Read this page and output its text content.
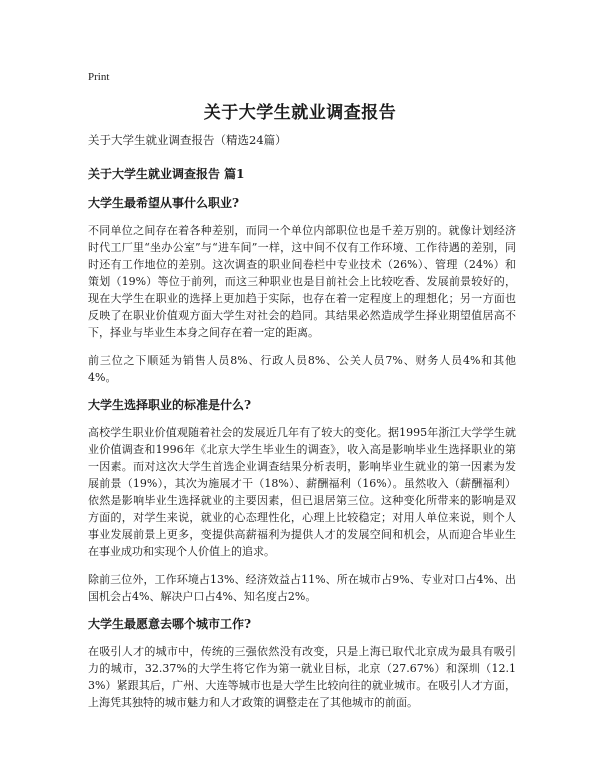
Print
关于大学生就业调查报告

关于大学生就业调查报告（精选24篇）

关于大学生就业调查报告 篇1
大学生最希望从事什么职业?

不同单位之间存在着各种差别，而同一个单位内部职位也是千差万别的。就像计划经济时代工厂里“坐办公室”与“进车间”一样，这中间不仅有工作环境、工作待遇的差别，同时还有工作地位的差别。这次调查的职业间卷栏中专业技术（26%）、管理（24%）和策划（19%）等位于前列，而这三种职业也是目前社会上比较吃香、发展前景较好的，现在大学生在职业的选择上更加趋于实际，也存在着一定程度上的理想化；另一方面也反映了在职业价值观方面大学生对社会的趋同。其结果必然造成学生择业期望值居高不下，择业与毕业生本身之间存在着一定的距离。

前三位之下顺延为销售人员8%、行政人员8%、公关人员7%、财务人员4%和其他4%。

大学生选择职业的标准是什么?

高校学生职业价值观随着社会的发展近几年有了较大的变化。据1995年浙江大学学生就业价值调查和1996年《北京大学生毕业生的调查》，收入高是影响毕业生选择职业的第一因素。而对这次大学生首选企业调查结果分析表明，影响毕业生就业的第一因素为发展前景（19%），其次为施展才干（18%）、薪酬福利（16%）。虽然收入（薪酬福利）依然是影响毕业生选择就业的主要因素，但已退居第三位。这种变化所带来的影响是双方面的，对学生来说，就业的心态理性化，心理上比较稳定；对用人单位来说，则个人事业发展前景上更多，变提供高薪福利为提供人才的发展空间和机会，从而迎合毕业生在事业成功和实现个人价值上的追求。

除前三位外，工作环境占13%、经济效益占11%、所在城市占9%、专业对口占4%、出国机会占4%、解决户口占4%、知名度占2%。

大学生最愿意去哪个城市工作?

在吸引人才的城市中，传统的三强依然没有改变，只是上海已取代北京成为最具有吸引力的城市，32.37%的大学生将它作为第一就业目标，北京（27.67%）和深圳（12.13%）紧跟其后，广州、大连等城市也是大学生比较向往的就业城市。在吸引人才方面，上海凭其独特的城市魅力和人才政策的调整走在了其他城市的前面。
